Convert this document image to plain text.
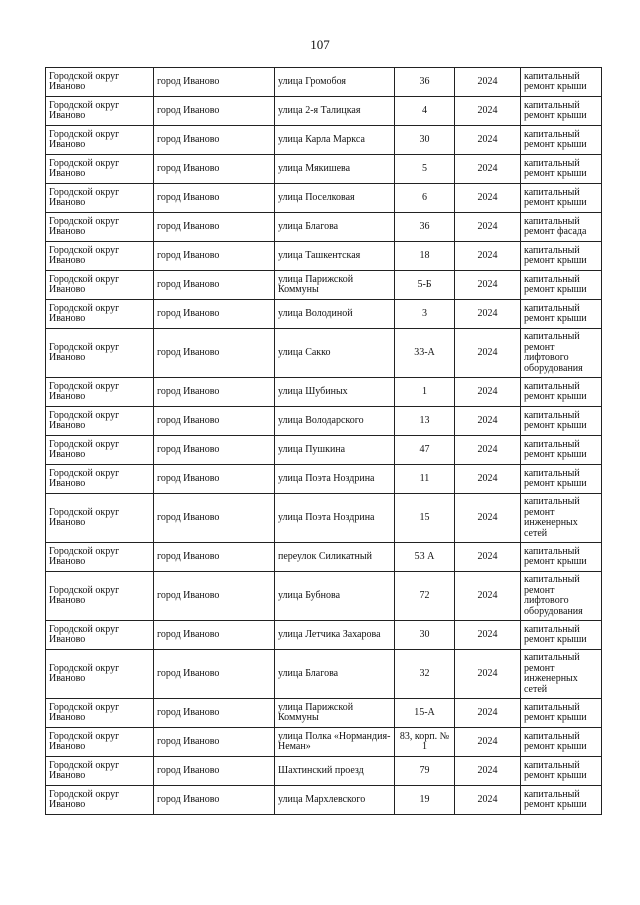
107
Городской округ Иваново	город Иваново	улица Громобоя	36	2024	капитальный ремонт крыши
Городской округ Иваново	город Иваново	улица 2-я Талицкая	4	2024	капитальный ремонт крыши
Городской округ Иваново	город Иваново	улица Карла Маркса	30	2024	капитальный ремонт крыши
Городской округ Иваново	город Иваново	улица Мякишева	5	2024	капитальный ремонт крыши
Городской округ Иваново	город Иваново	улица Поселковая	6	2024	капитальный ремонт крыши
Городской округ Иваново	город Иваново	улица Благова	36	2024	капитальный ремонт фасада
Городской округ Иваново	город Иваново	улица Ташкентская	18	2024	капитальный ремонт крыши
Городской округ Иваново	город Иваново	улица Парижской Коммуны	5-Б	2024	капитальный ремонт крыши
Городской округ Иваново	город Иваново	улица Володиной	3	2024	капитальный ремонт крыши
Городской округ Иваново	город Иваново	улица Сакко	33-А	2024	капитальный ремонт лифтового оборудования
Городской округ Иваново	город Иваново	улица Шубиных	1	2024	капитальный ремонт крыши
Городской округ Иваново	город Иваново	улица Володарского	13	2024	капитальный ремонт крыши
Городской округ Иваново	город Иваново	улица Пушкина	47	2024	капитальный ремонт крыши
Городской округ Иваново	город Иваново	улица Поэта Ноздрина	11	2024	капитальный ремонт крыши
Городской округ Иваново	город Иваново	улица Поэта Ноздрина	15	2024	капитальный ремонт инженерных сетей
Городской округ Иваново	город Иваново	переулок Силикатный	53 А	2024	капитальный ремонт крыши
Городской округ Иваново	город Иваново	улица Бубнова	72	2024	капитальный ремонт лифтового оборудования
Городской округ Иваново	город Иваново	улица Летчика Захарова	30	2024	капитальный ремонт крыши
Городской округ Иваново	город Иваново	улица Благова	32	2024	капитальный ремонт инженерных сетей
Городской округ Иваново	город Иваново	улица Парижской Коммуны	15-А	2024	капитальный ремонт крыши
Городской округ Иваново	город Иваново	улица Полка «Нормандия-Неман»	83, корп. № 1	2024	капитальный ремонт крыши
Городской округ Иваново	город Иваново	Шахтинский проезд	79	2024	капитальный ремонт крыши
Городской округ Иваново	город Иваново	улица Мархлевского	19	2024	капитальный ремонт крыши
